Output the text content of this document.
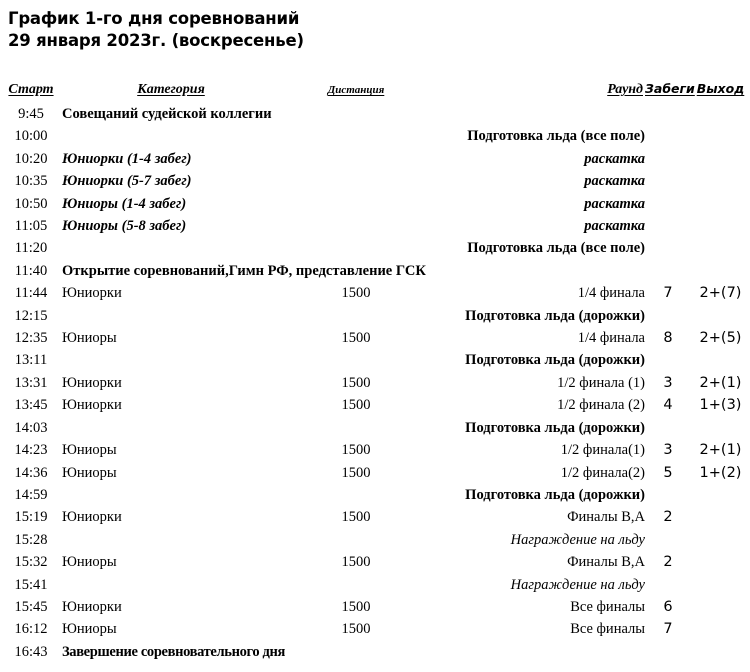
График 1-го дня соревнований
29 января 2023г. (воскресенье)
Старт	Категория	Дистанция	Раунд	Забеги	Выход
9:45	Совещаний судейской коллегии				
10:00			Подготовка льда (все поле)		
10:20	Юниорки (1-4 забег)		раскатка		
10:35	Юниорки (5-7 забег)		раскатка		
10:50	Юниоры (1-4 забег)		раскатка		
11:05	Юниоры (5-8 забег)		раскатка		
11:20			Подготовка льда (все поле)		
11:40	Открытие соревнований,Гимн РФ, представление ГСК				
11:44	Юниорки	1500	1/4 финала	7	2+(7)
12:15			Подготовка льда (дорожки)		
12:35	Юниоры	1500	1/4 финала	8	2+(5)
13:11			Подготовка льда (дорожки)		
13:31	Юниорки	1500	1/2 финала (1)	3	2+(1)
13:45	Юниорки	1500	1/2 финала (2)	4	1+(3)
14:03			Подготовка льда (дорожки)		
14:23	Юниоры	1500	1/2 финала(1)	3	2+(1)
14:36	Юниоры	1500	1/2 финала(2)	5	1+(2)
14:59			Подготовка льда (дорожки)		
15:19	Юниорки	1500	Финалы В,А	2	
15:28			Награждение на льду		
15:32	Юниоры	1500	Финалы В,А	2	
15:41			Награждение на льду		
15:45	Юниорки	1500	Все финалы	6	
16:12	Юниоры	1500	Все финалы	7	
16:43	Завершение соревновательного дня				
